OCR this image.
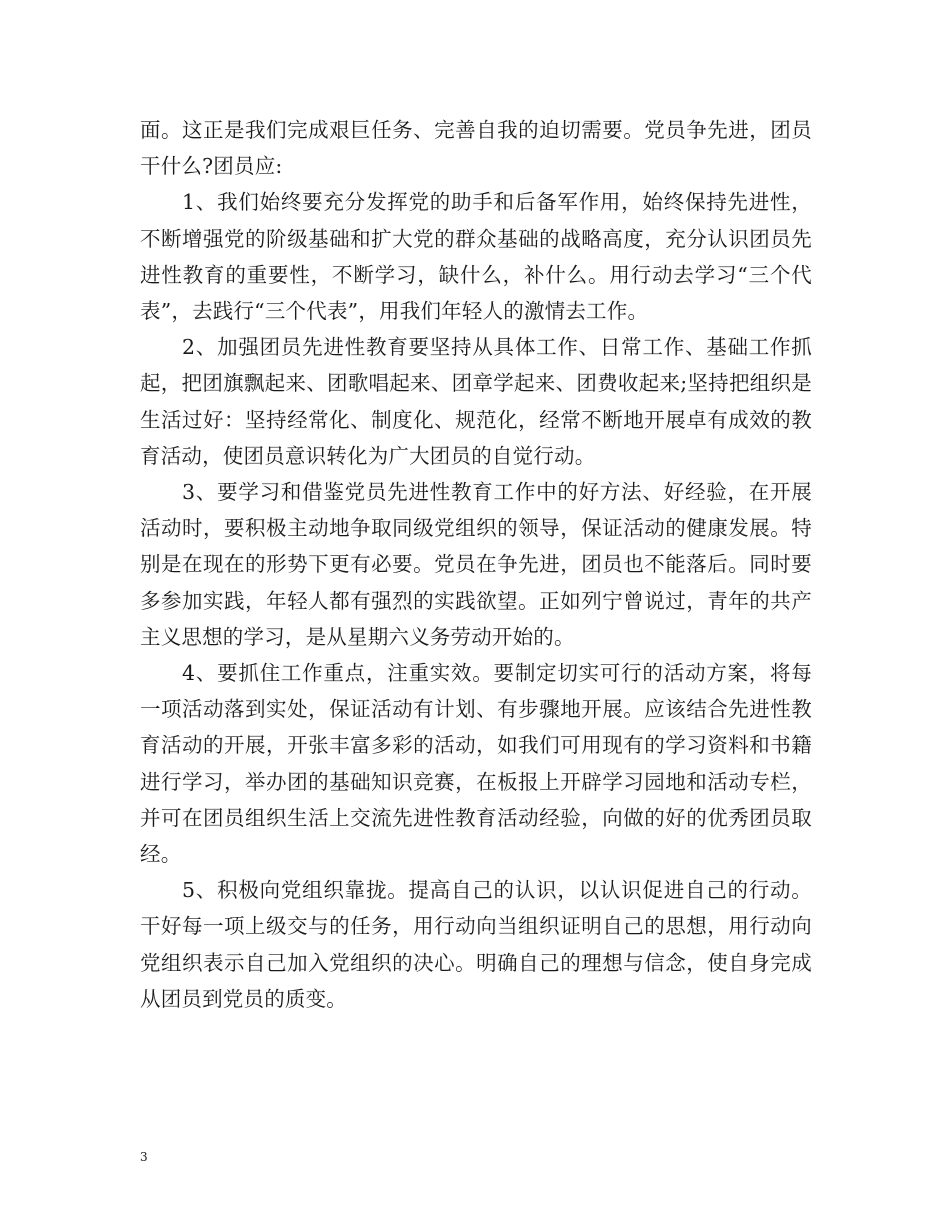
面。这正是我们完成艰巨任务、完善自我的迫切需要。党员争先进，团员干什么?团员应:

1、我们始终要充分发挥党的助手和后备军作用，始终保持先进性，不断增强党的阶级基础和扩大党的群众基础的战略高度，充分认识团员先进性教育的重要性，不断学习，缺什么，补什么。用行动去学习“三个代表”，去践行“三个代表”，用我们年轻人的激情去工作。

2、加强团员先进性教育要坚持从具体工作、日常工作、基础工作抓起，把团旗飘起来、团歌唱起来、团章学起来、团费收起来;坚持把组织是生活过好：坚持经常化、制度化、规范化，经常不断地开展卓有成效的教育活动，使团员意识转化为广大团员的自觉行动。

3、要学习和借鉴党员先进性教育工作中的好方法、好经验，在开展活动时，要积极主动地争取同级党组织的领导，保证活动的健康发展。特别是在现在的形势下更有必要。党员在争先进，团员也不能落后。同时要多参加实践，年轻人都有强烈的实践欲望。正如列宁曾说过，青年的共产主义思想的学习，是从星期六义务劳动开始的。

4、要抓住工作重点，注重实效。要制定切实可行的活动方案，将每一项活动落到实处，保证活动有计划、有步骤地开展。应该结合先进性教育活动的开展，开张丰富多彩的活动，如我们可用现有的学习资料和书籍进行学习，举办团的基础知识竞赛，在板报上开辟学习园地和活动专栏，并可在团员组织生活上交流先进性教育活动经验，向做的好的优秀团员取经。

5、积极向党组织靠拢。提高自己的认识，以认识促进自己的行动。干好每一项上级交与的任务，用行动向当组织证明自己的思想，用行动向党组织表示自己加入党组织的决心。明确自己的理想与信念，使自身完成从团员到党员的质变。

3
